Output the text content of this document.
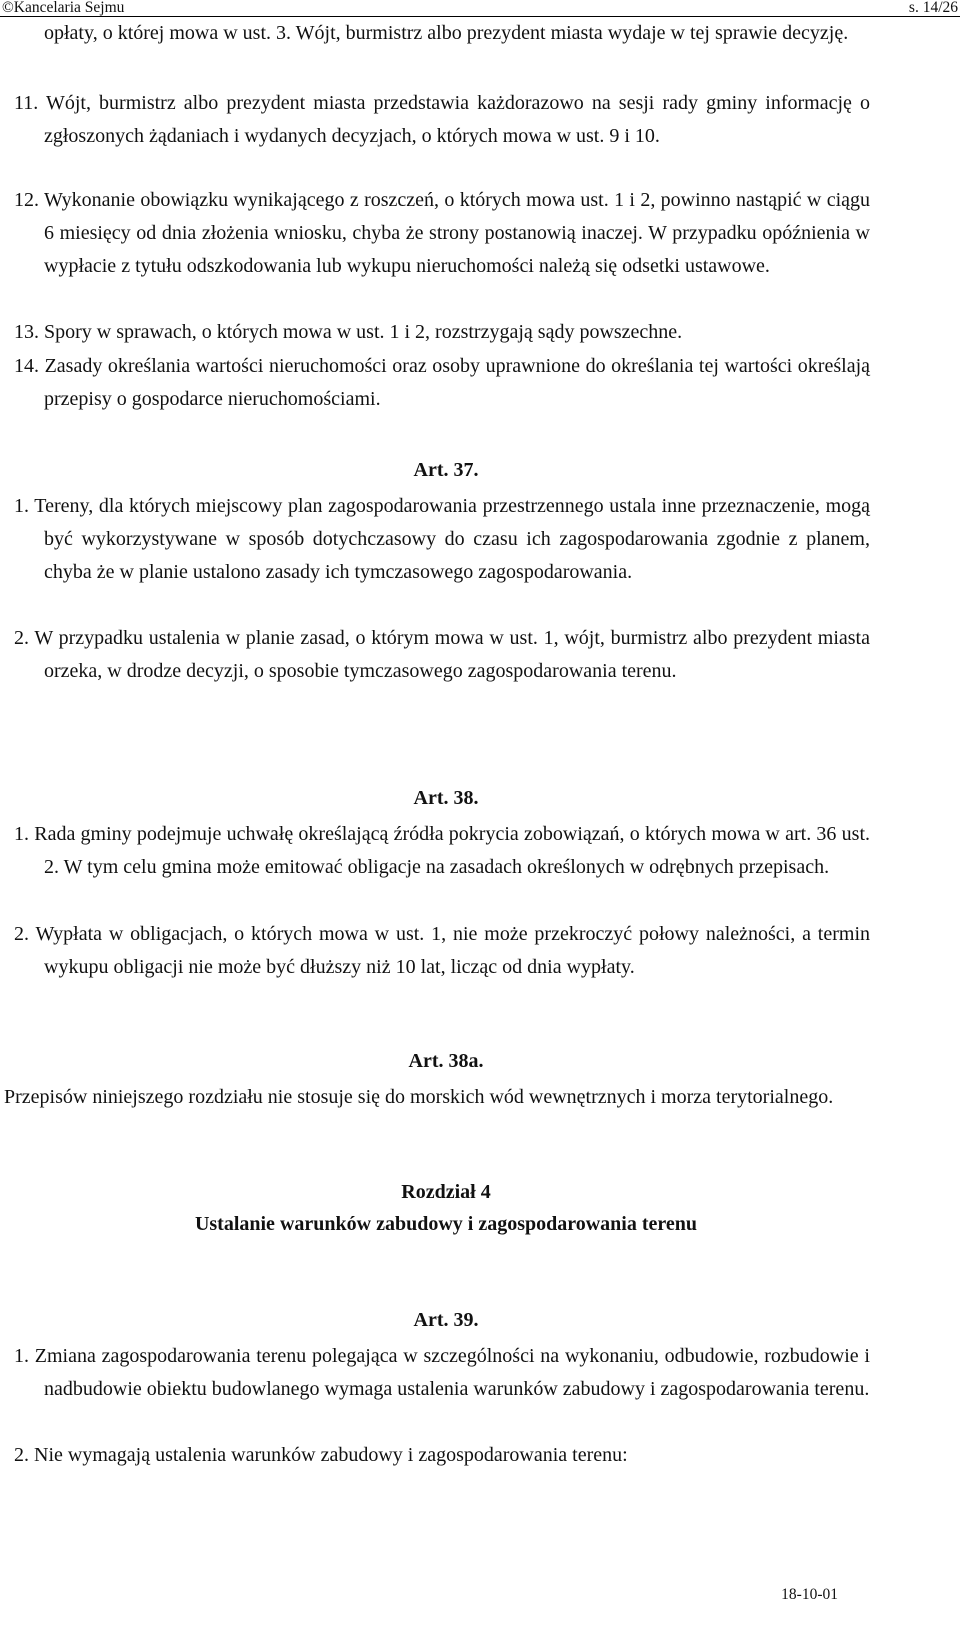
©Kancelaria Sejmu	s. 14/26

opłaty, o której mowa w ust. 3. Wójt, burmistrz albo prezydent miasta wydaje w tej sprawie decyzję.

11. Wójt, burmistrz albo prezydent miasta przedstawia każdorazowo na sesji rady gminy informację o zgłoszonych żądaniach i wydanych decyzjach, o których mowa w ust. 9 i 10.

12. Wykonanie obowiązku wynikającego z roszczeń, o których mowa ust. 1 i 2, powinno nastąpić w ciągu 6 miesięcy od dnia złożenia wniosku, chyba że strony postanowią inaczej. W przypadku opóźnienia w wypłacie z tytułu odszkodowania lub wykupu nieruchomości należą się odsetki ustawowe.

13. Spory w sprawach, o których mowa w ust. 1 i 2, rozstrzygają sądy powszechne.

14. Zasady określania wartości nieruchomości oraz osoby uprawnione do określania tej wartości określają przepisy o gospodarce nieruchomościami.

Art. 37.

1. Tereny, dla których miejscowy plan zagospodarowania przestrzennego ustala inne przeznaczenie, mogą być wykorzystywane w sposób dotychczasowy do czasu ich zagospodarowania zgodnie z planem, chyba że w planie ustalono zasady ich tymczasowego zagospodarowania.

2. W przypadku ustalenia w planie zasad, o którym mowa w ust. 1, wójt, burmistrz albo prezydent miasta orzeka, w drodze decyzji, o sposobie tymczasowego zagospodarowania terenu.

Art. 38.

1. Rada gminy podejmuje uchwałę określającą źródła pokrycia zobowiązań, o których mowa w art. 36 ust. 2. W tym celu gmina może emitować obligacje na zasadach określonych w odrębnych przepisach.

2. Wypłata w obligacjach, o których mowa w ust. 1, nie może przekroczyć połowy należności, a termin wykupu obligacji nie może być dłuższy niż 10 lat, licząc od dnia wypłaty.

Art. 38a.

Przepisów niniejszego rozdziału nie stosuje się do morskich wód wewnętrznych i morza terytorialnego.

Rozdział 4

Ustalanie warunków zabudowy i zagospodarowania terenu

Art. 39.

1. Zmiana zagospodarowania terenu polegająca w szczególności na wykonaniu, odbudowie, rozbudowie i nadbudowie obiektu budowlanego wymaga ustalenia warunków zabudowy i zagospodarowania terenu.

2. Nie wymagają ustalenia warunków zabudowy i zagospodarowania terenu:

18-10-01
